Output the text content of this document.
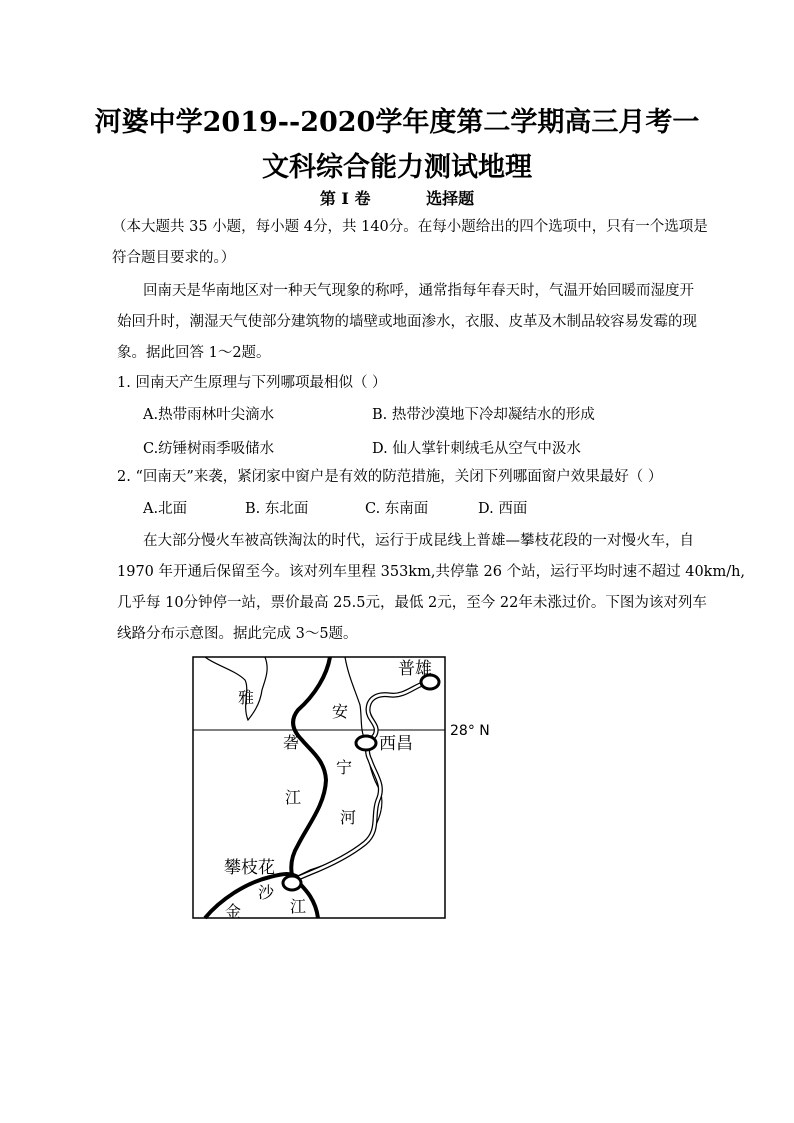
河婆中学2019--2020学年度第二学期高三月考一
文科综合能力测试地理
第 I 卷          选择题
（本大题共 35 小题，每小题 4分，共 140分。在每小题给出的四个选项中，只有一个选项是
符合题目要求的。）
回南天是华南地区对一种天气现象的称呼，通常指每年春天时，气温开始回暖而湿度开
始回升时，潮湿天气使部分建筑物的墙壁或地面渗水，衣服、皮革及木制品较容易发霉的现
象。据此回答 1～2题。
1. 回南天产生原理与下列哪项最相似（ ）
A.热带雨林叶尖滴水	B. 热带沙漠地下冷却凝结水的形成
C.纺锤树雨季吸储水	D. 仙人掌针刺绒毛从空气中汲水
2. “回南天”来袭，紧闭家中窗户是有效的防范措施，关闭下列哪面窗户效果最好（ ）
A.北面	B. 东北面	C. 东南面	D. 西面
在大部分慢火车被高铁淘汰的时代，运行于成昆线上普雄—攀枝花段的一对慢火车，自
1970 年开通后保留至今。该对列车里程 353km,共停靠 26 个站，运行平均时速不超过 40km/h,
几乎每 10分钟停一站，票价最高 25.5元，最低 2元，至今 22年未涨过价。下图为该对列车
线路分布示意图。据此完成 3～5题。
雅
安
砻
宁
江
河
沙
金	江
普雄
西昌
攀枝花
28° N
